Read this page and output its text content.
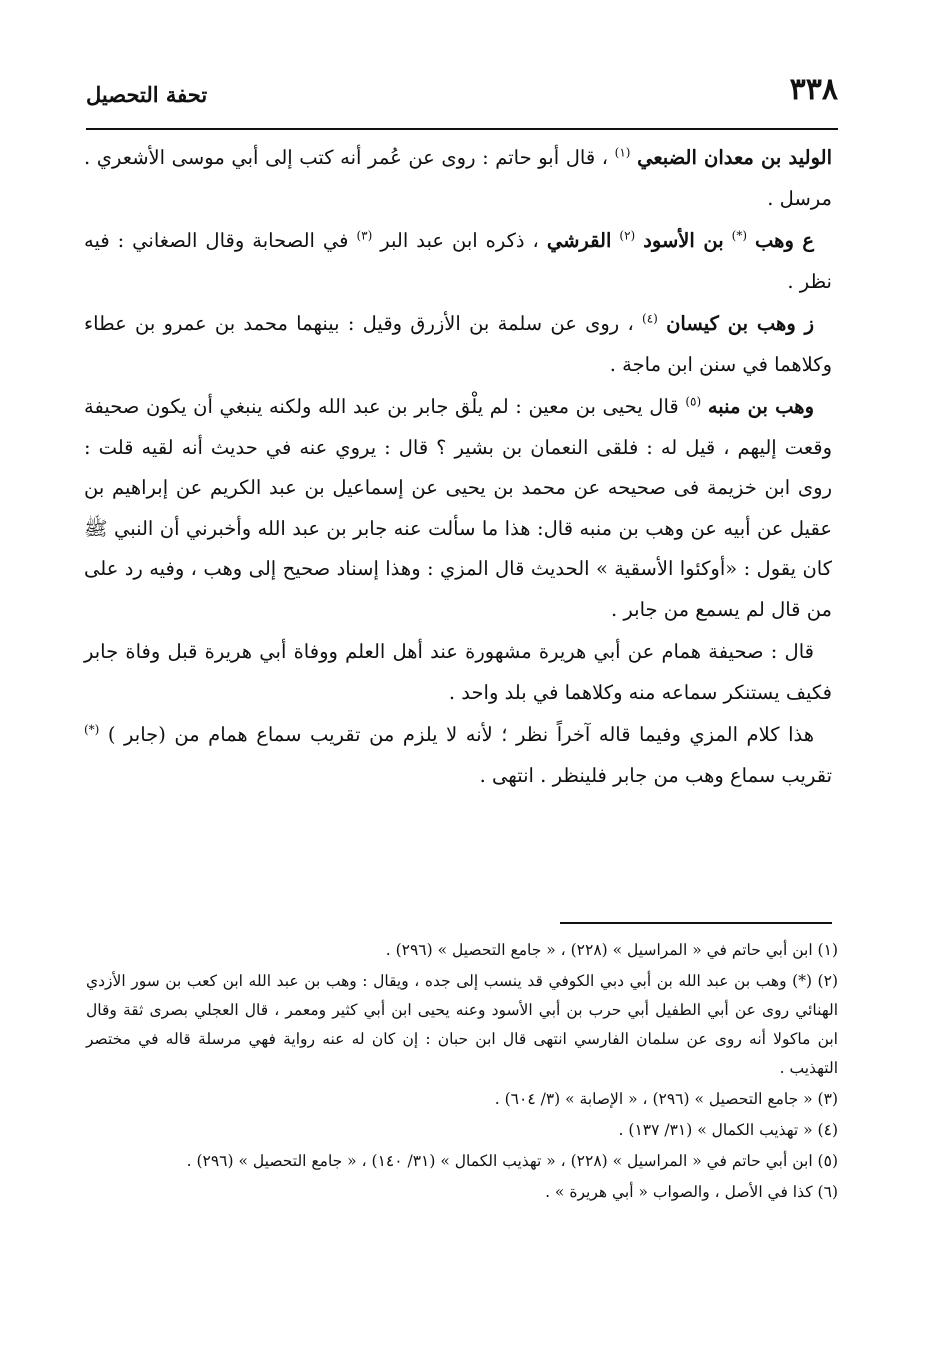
٣٣٨
تحفة التحصيل

الوليد بن معدان الضبعي $^{(١)}$ ، قال أبو حاتم : روى عن عُمر أنه كتب إلى أبي موسى الأشعري . مرسل .

ع وهب (*) بن الأسود $^{(٢)}$ القرشي ، ذكره ابن عبد البر $^{(٣)}$ في الصحابة وقال الصغاني : فيه نظر .

ز وهب بن كيسان $^{(٤)}$ ، روى عن سلمة بن الأزرق وقيل : بينهما محمد بن عمرو بن عطاء وكلاهما في سنن ابن ماجة .

وهب بن منبه $^{(٥)}$ قال يحيى بن معين : لم يلْق جابر بن عبد الله ولكنه ينبغي أن يكون صحيفة وقعت إليهم ، قيل له : فلقى النعمان بن بشير ؟ قال : يروي عنه في حديث أنه لقيه قلت : روى ابن خزيمة فى صحيحه عن محمد بن يحيى عن إسماعيل بن عبد الكريم عن إبراهيم بن عقيل عن أبيه عن وهب بن منبه قال: هذا ما سألت عنه جابر بن عبد الله وأخبرني أن النبي ﷺ كان يقول : «أوكئوا الأسقية » الحديث قال المزي : وهذا إسناد صحيح إلى وهب ، وفيه رد على من قال لم يسمع من جابر .

قال : صحيفة همام عن أبي هريرة مشهورة عند أهل العلم ووفاة أبي هريرة قبل وفاة جابر فكيف يستنكر سماعه منه وكلاهما في بلد واحد .

هذا كلام المزي وفيما قاله آخراً نظر ؛ لأنه لا يلزم من تقريب سماع همام من (جابر ) (*) تقريب سماع وهب من جابر فلينظر . انتهى .

(١) ابن أبي حاتم في « المراسيل » (٢٢٨) ، « جامع التحصيل » (٢٩٦) .

(٢) (*) وهب بن عبد الله بن أبي دبي الكوفي قد ينسب إلى جده ، ويقال : وهب بن عبد الله ابن كعب بن سور الأزدي الهنائي روى عن أبي الطفيل أبي حرب بن أبي الأسود وعنه يحيى ابن أبي كثير ومعمر ، قال العجلي بصرى ثقة وقال ابن ماكولا أنه روى عن سلمان الفارسي انتهى قال ابن حبان : إن كان له عنه رواية فهي مرسلة قاله في مختصر التهذيب .

(٣) « جامع التحصيل » (٢٩٦) ، « الإصابة » (٣/ ٦٠٤) .

(٤) « تهذيب الكمال » (٣١/ ١٣٧) .

(٥) ابن أبي حاتم في « المراسيل » (٢٢٨) ، « تهذيب الكمال » (٣١/ ١٤٠) ، « جامع التحصيل » (٢٩٦) .

(٦) كذا في الأصل ، والصواب « أبي هريرة » .
